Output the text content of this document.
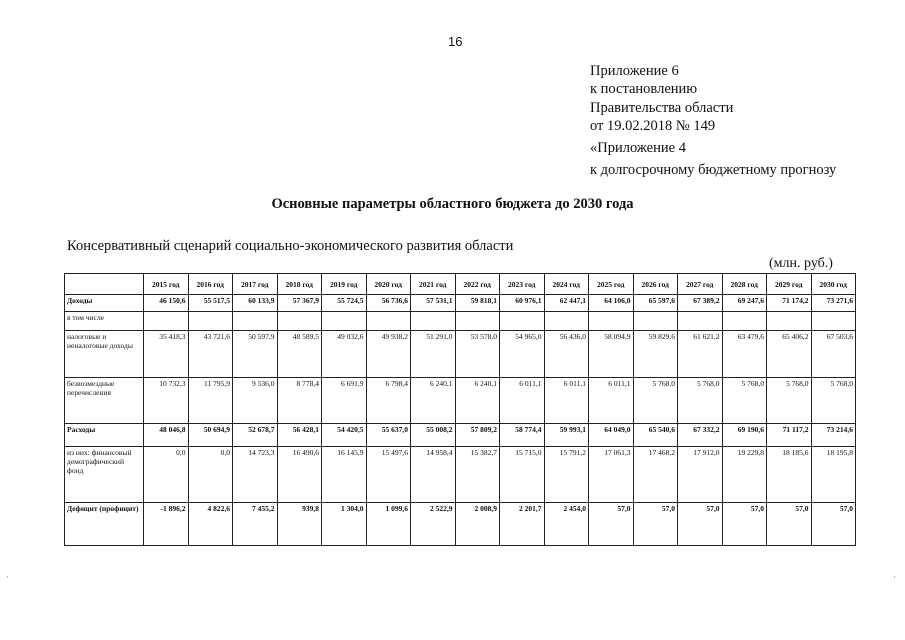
16
Приложение 6
к постановлению
Правительства области
от 19.02.2018 № 149
«Приложение 4
к долгосрочному бюджетному прогнозу
Основные параметры областного бюджета до 2030 года
Консервативный сценарий социально-экономического развития области
(млн. руб.)
	2015 год	2016 год	2017 год	2018 год	2019 год	2020 год	2021 год	2022 год	2023 год	2024 год	2025 год	2026 год	2027 год	2028 год	2029 год	2030 год
Доходы	46 150,6	55 517,5	60 133,9	57 367,9	55 724,5	56 736,6	57 531,1	59 818,1	60 976,1	62 447,1	64 106,0	65 597,6	67 389,2	69 247,6	71 174,2	73 271,6
в том числе																
налоговые и неналоговые доходы	35 418,3	43 721,6	50 597,9	48 589,5	49 032,6	49 938,2	51 291,0	53 578,0	54 965,0	56 436,0	58 094,9	59 829,6	61 621,2	63 479,6	65 406,2	67 503,6
безвозмездные перечисления	10 732,3	11 795,9	9 536,0	8 778,4	6 691,9	6 798,4	6 240,1	6 240,1	6 011,1	6 011,1	6 011,1	5 768,0	5 768,0	5 768,0	5 768,0	5 768,0
Расходы	48 046,8	50 694,9	52 678,7	56 428,1	54 420,5	55 637,0	55 008,2	57 809,2	58 774,4	59 993,1	64 049,0	65 540,6	67 332,2	69 190,6	71 117,2	73 214,6
из них: финансовый демографический фонд	0,0	0,0	14 723,3	16 490,6	16 145,9	15 497,6	14 958,4	15 382,7	15 715,0	15 791,2	17 061,3	17 468,2	17 912,0	19 229,8	18 185,6	18 195,8
Дефицит (профицит)	-1 896,2	4 822,6	7 455,2	939,8	1 304,0	1 099,6	2 522,9	2 008,9	2 201,7	2 454,0	57,0	57,0	57,0	57,0	57,0	57,0
·	·
